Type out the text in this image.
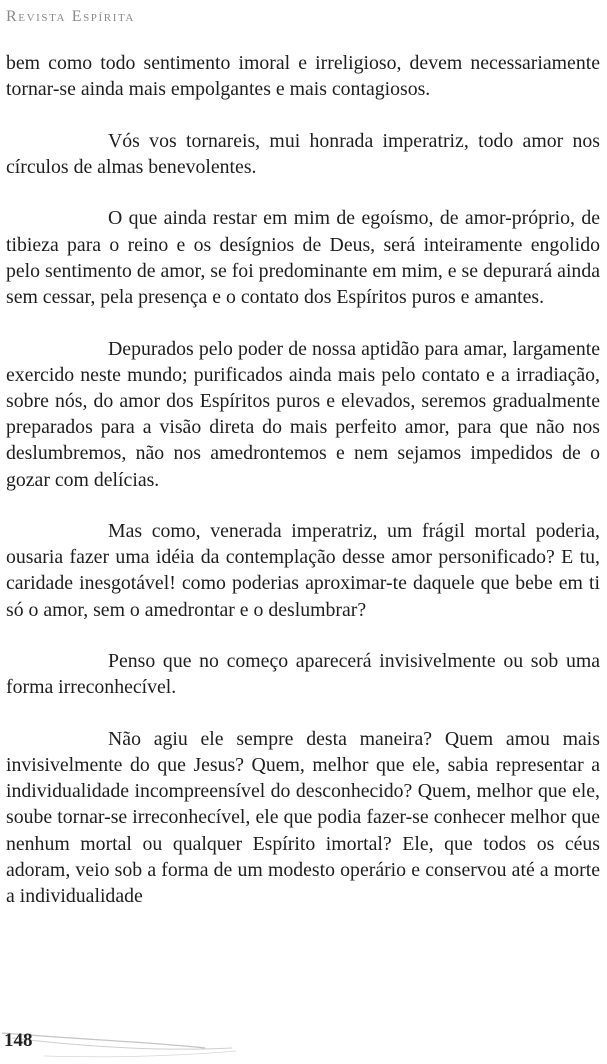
Revista Espírita

bem como todo sentimento imoral e irreligioso, devem necessariamente tornar-se ainda mais empolgantes e mais contagiosos.

Vós vos tornareis, mui honrada imperatriz, todo amor nos círculos de almas benevolentes.

O que ainda restar em mim de egoísmo, de amor-próprio, de tibieza para o reino e os desígnios de Deus, será inteiramente engolido pelo sentimento de amor, se foi predominante em mim, e se depurará ainda sem cessar, pela presença e o contato dos Espíritos puros e amantes.

Depurados pelo poder de nossa aptidão para amar, largamente exercido neste mundo; purificados ainda mais pelo contato e a irradiação, sobre nós, do amor dos Espíritos puros e elevados, seremos gradualmente preparados para a visão direta do mais perfeito amor, para que não nos deslumbremos, não nos amedrontemos e nem sejamos impedidos de o gozar com delícias.

Mas como, venerada imperatriz, um frágil mortal poderia, ousaria fazer uma idéia da contemplação desse amor personificado? E tu, caridade inesgotável! como poderias aproximar-te daquele que bebe em ti só o amor, sem o amedrontar e o deslumbrar?

Penso que no começo aparecerá invisivelmente ou sob uma forma irreconhecível.

Não agiu ele sempre desta maneira? Quem amou mais invisivelmente do que Jesus? Quem, melhor que ele, sabia representar a individualidade incompreensível do desconhecido? Quem, melhor que ele, soube tornar-se irreconhecível, ele que podia fazer-se conhecer melhor que nenhum mortal ou qualquer Espírito imortal? Ele, que todos os céus adoram, veio sob a forma de um modesto operário e conservou até a morte a individualidade

148
